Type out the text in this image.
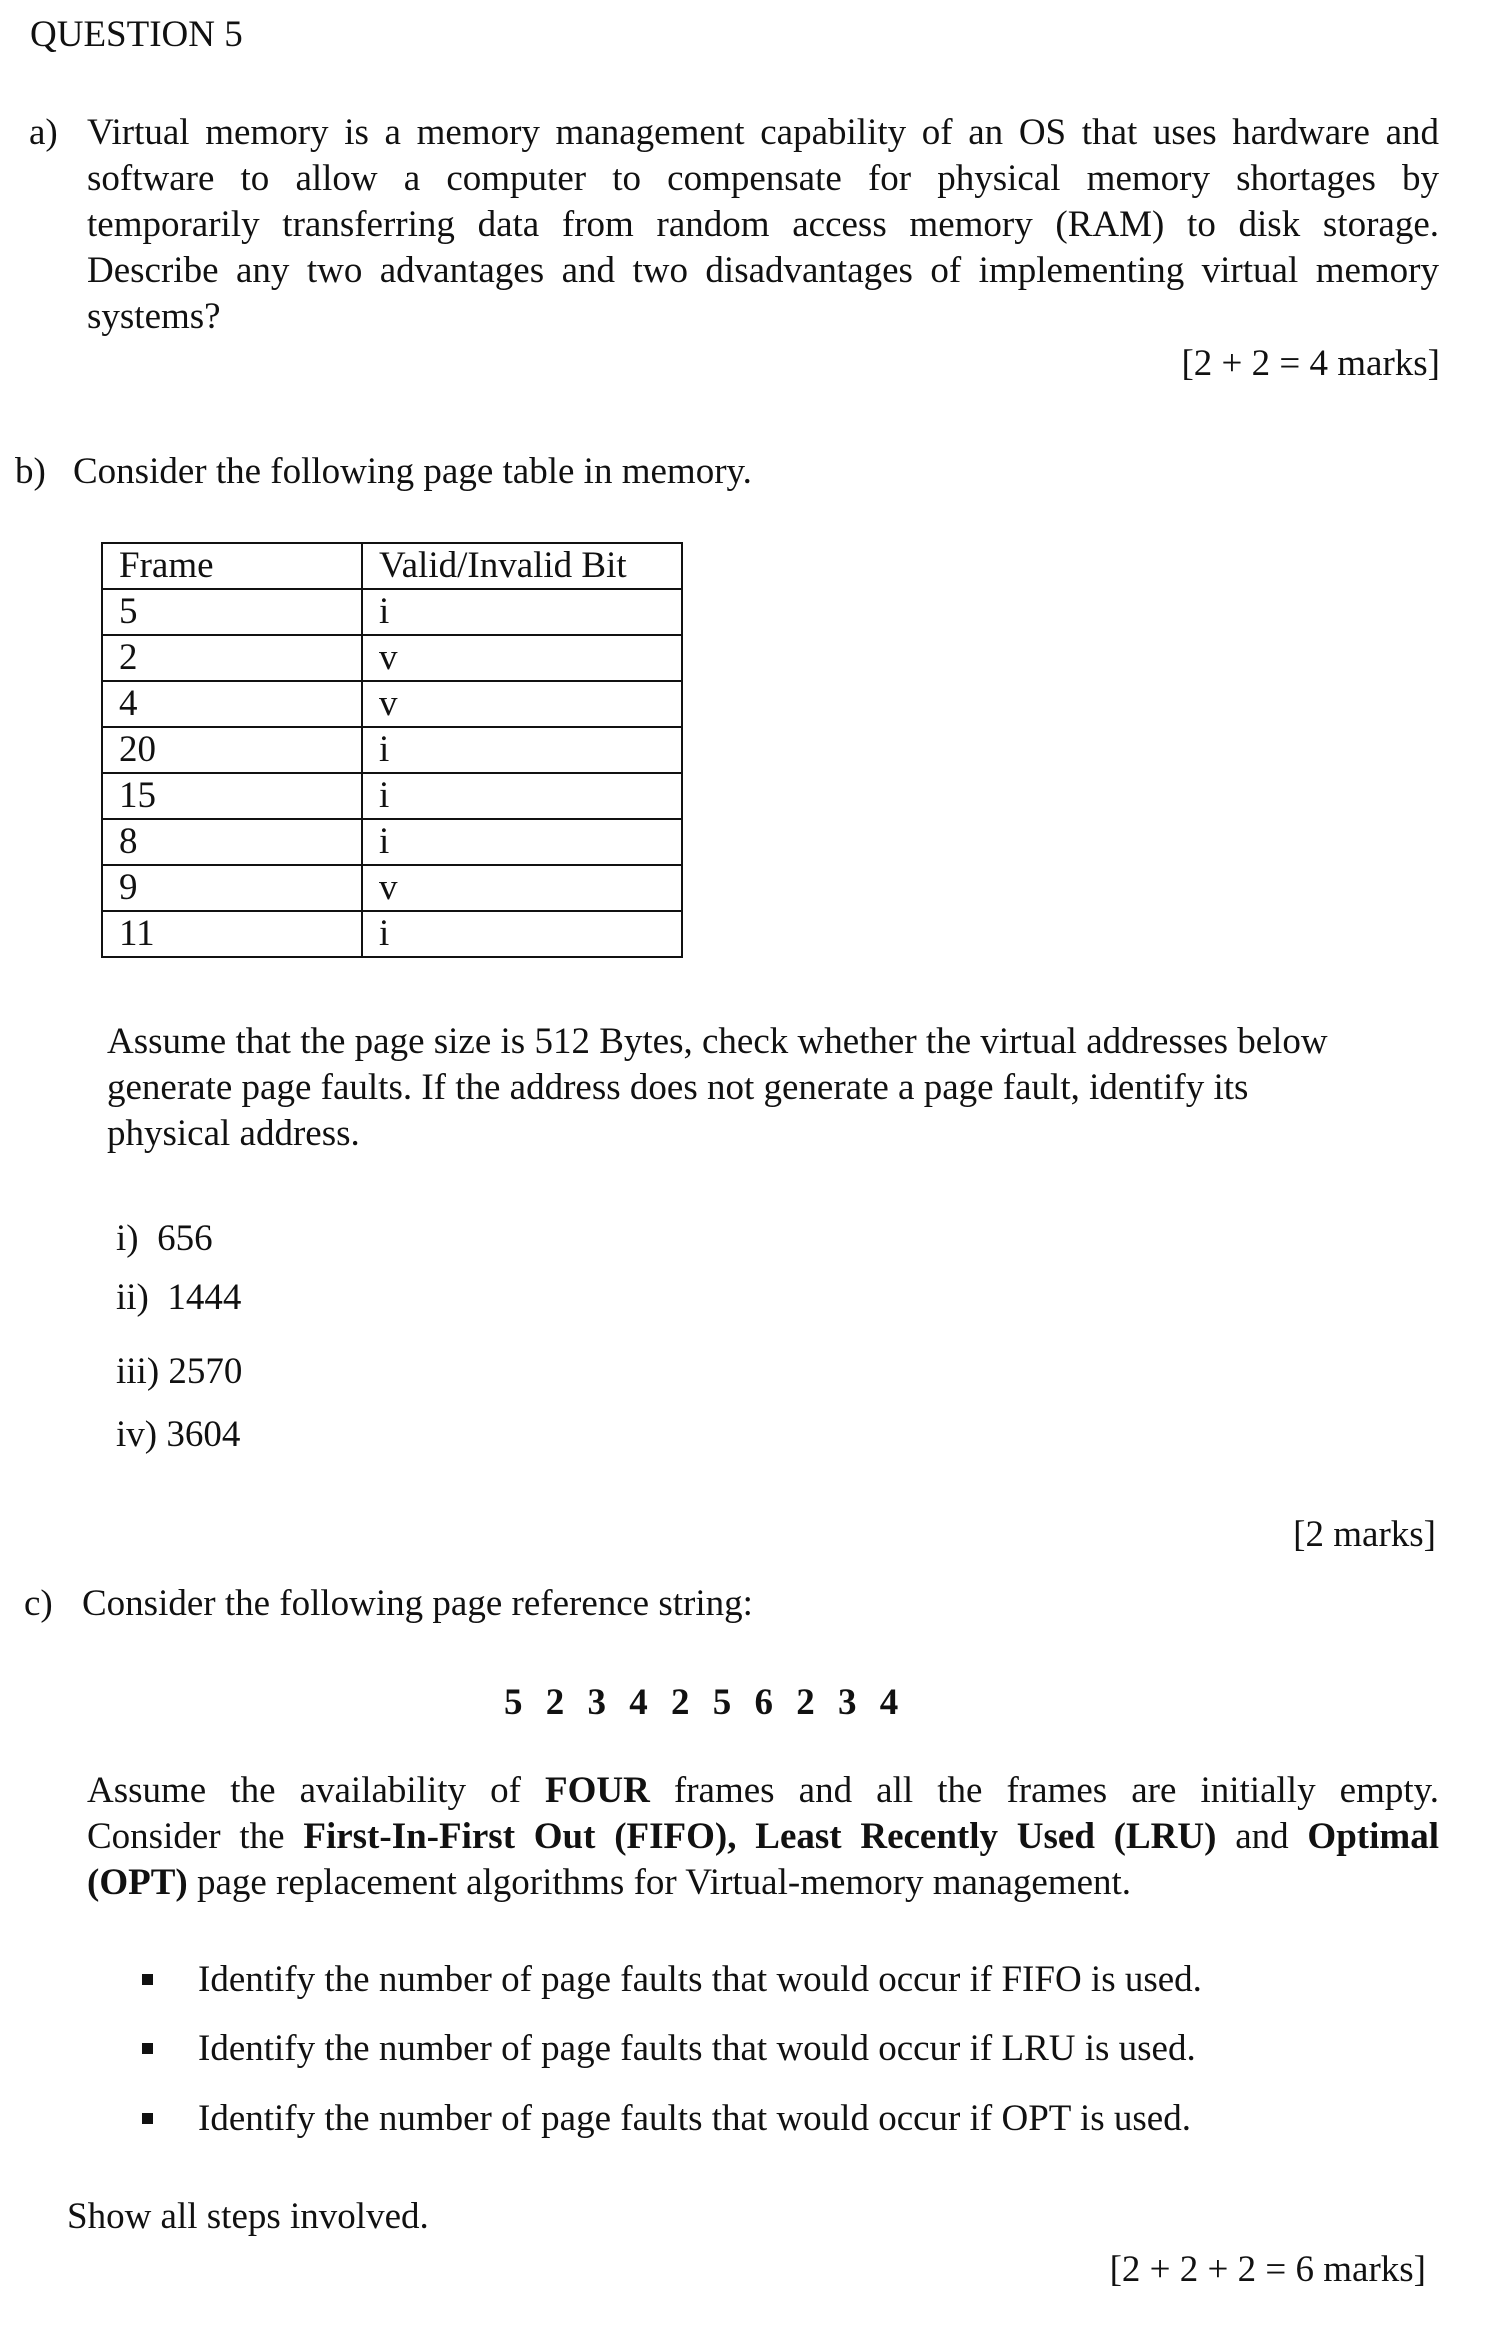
QUESTION 5
a) Virtual memory is a memory management capability of an OS that uses hardware and
software to allow a computer to compensate for physical memory shortages by
temporarily transferring data from random access memory (RAM) to disk storage.
Describe any two advantages and two disadvantages of implementing virtual memory
systems?
[2 + 2 = 4 marks]
b) Consider the following page table in memory.
Frame	Valid/Invalid Bit
5	i
2	v
4	v
20	i
15	i
8	i
9	v
11	i
Assume that the page size is 512 Bytes, check whether the virtual addresses below
generate page faults. If the address does not generate a page fault, identify its
physical address.
i)  656
ii)  1444
iii) 2570
iv) 3604
[2 marks]
c) Consider the following page reference string:
5 2 3 4 2 5 6 2 3 4
Assume the availability of FOUR frames and all the frames are initially empty.
Consider the First-In-First Out (FIFO), Least Recently Used (LRU) and Optimal
(OPT) page replacement algorithms for Virtual-memory management.
Identify the number of page faults that would occur if FIFO is used.
Identify the number of page faults that would occur if LRU is used.
Identify the number of page faults that would occur if OPT is used.
Show all steps involved.
[2 + 2 + 2 = 6 marks]
